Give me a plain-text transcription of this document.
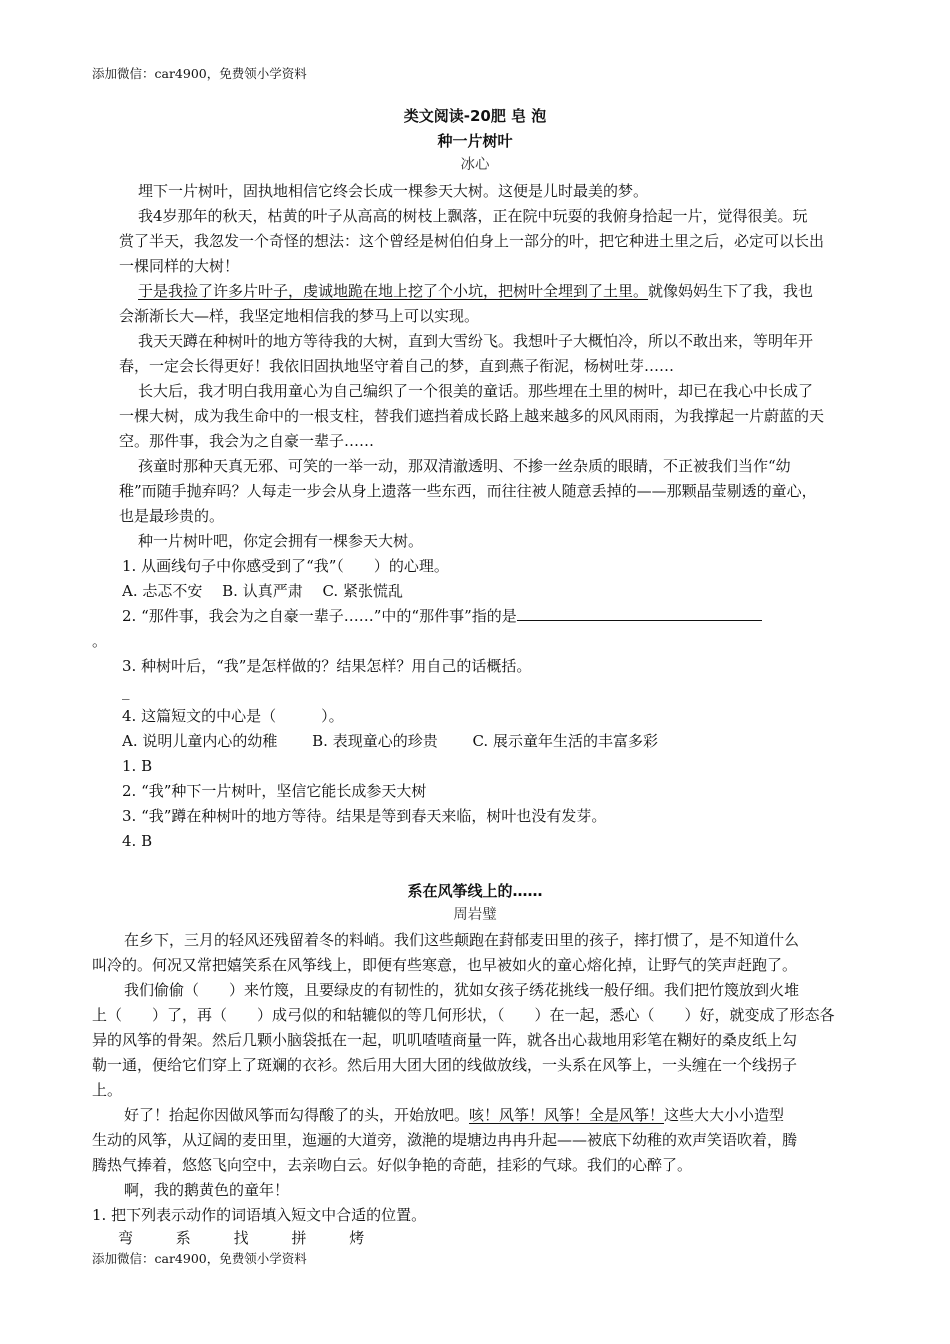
添加微信：car4900，免费领小学资料
类文阅读-20肥 皂 泡
种一片树叶
冰心
埋下一片树叶，固执地相信它终会长成一棵参天大树。这便是儿时最美的梦。
我4岁那年的秋天，枯黄的叶子从高高的树枝上飘落，正在院中玩耍的我俯身拾起一片，觉得很美。玩
赏了半天，我忽发一个奇怪的想法：这个曾经是树伯伯身上一部分的叶，把它种进土里之后，必定可以长出
一棵同样的大树！
于是我捡了许多片叶子，虔诚地跪在地上挖了个小坑，把树叶全埋到了土里。就像妈妈生下了我，我也
会渐渐长大—样，我坚定地相信我的梦马上可以实现。
我天天蹲在种树叶的地方等待我的大树，直到大雪纷飞。我想叶子大概怕冷，所以不敢出来，等明年开
春，一定会长得更好！我依旧固执地坚守着自己的梦，直到燕子衔泥，杨树吐芽……
长大后，我才明白我用童心为自己编织了一个很美的童话。那些埋在土里的树叶，却已在我心中长成了
一棵大树，成为我生命中的一根支柱，替我们遮挡着成长路上越来越多的风风雨雨，为我撑起一片蔚蓝的天
空。那件事，我会为之自豪一辈子……
孩童时那种天真无邪、可笑的一举一动，那双清澈透明、不掺一丝杂质的眼睛，不正被我们当作“幼
稚”而随手抛弃吗？人每走一步会从身上遗落一些东西，而往往被人随意丢掉的——那颗晶莹剔透的童心，
也是最珍贵的。
种一片树叶吧，你定会拥有一棵参天大树。
1. 从画线句子中你感受到了“我”（　　）的心理。
A. 忐忑不安　 B. 认真严肃　 C. 紧张慌乱
2. “那件事，我会为之自豪一辈子……”中的“那件事”指的是
。
3. 种树叶后，“我”是怎样做的？结果怎样？用自己的话概括。
_
4. 这篇短文的中心是（　　　）。
A. 说明儿童内心的幼稚　　 B. 表现童心的珍贵　　 C. 展示童年生活的丰富多彩
1. B
2. “我”种下一片树叶，坚信它能长成参天大树
3. “我”蹲在种树叶的地方等待。结果是等到春天来临，树叶也没有发芽。
4. B
系在风筝线上的……
周岩璧
在乡下，三月的轻风还残留着冬的料峭。我们这些颠跑在葑郁麦田里的孩子，摔打惯了，是不知道什么
叫冷的。何况又常把嬉笑系在风筝线上，即便有些寒意，也早被如火的童心熔化掉，让野气的笑声赶跑了。
我们偷偷（　　）来竹篾，且要绿皮的有韧性的，犹如女孩子绣花挑线一般仔细。我们把竹篾放到火堆
上（　　）了，再（　　）成弓似的和轱辘似的等几何形状，（　　）在一起，悉心（　　）好，就变成了形态各
异的风筝的骨架。然后几颗小脑袋抵在一起，叽叽喳喳商量一阵，就各出心裁地用彩笔在糊好的桑皮纸上勾
勒一通，便给它们穿上了斑斓的衣衫。然后用大团大团的线做放线，一头系在风筝上，一头缠在一个线拐子
上。
好了！抬起你因做风筝而勾得酸了的头，开始放吧。咳！风筝！风筝！全是风筝！这些大大小小造型
生动的风筝，从辽阔的麦田里，迤逦的大道旁，潋滟的堤塘边冉冉升起——被底下幼稚的欢声笑语吹着，腾
腾热气捧着，悠悠飞向空中，去亲吻白云。好似争艳的奇葩，挂彩的气球。我们的心醉了。
啊，我的鹅黄色的童年！
1. 把下列表示动作的词语填入短文中合适的位置。
弯	系	找	拼	烤
添加微信：car4900，免费领小学资料
